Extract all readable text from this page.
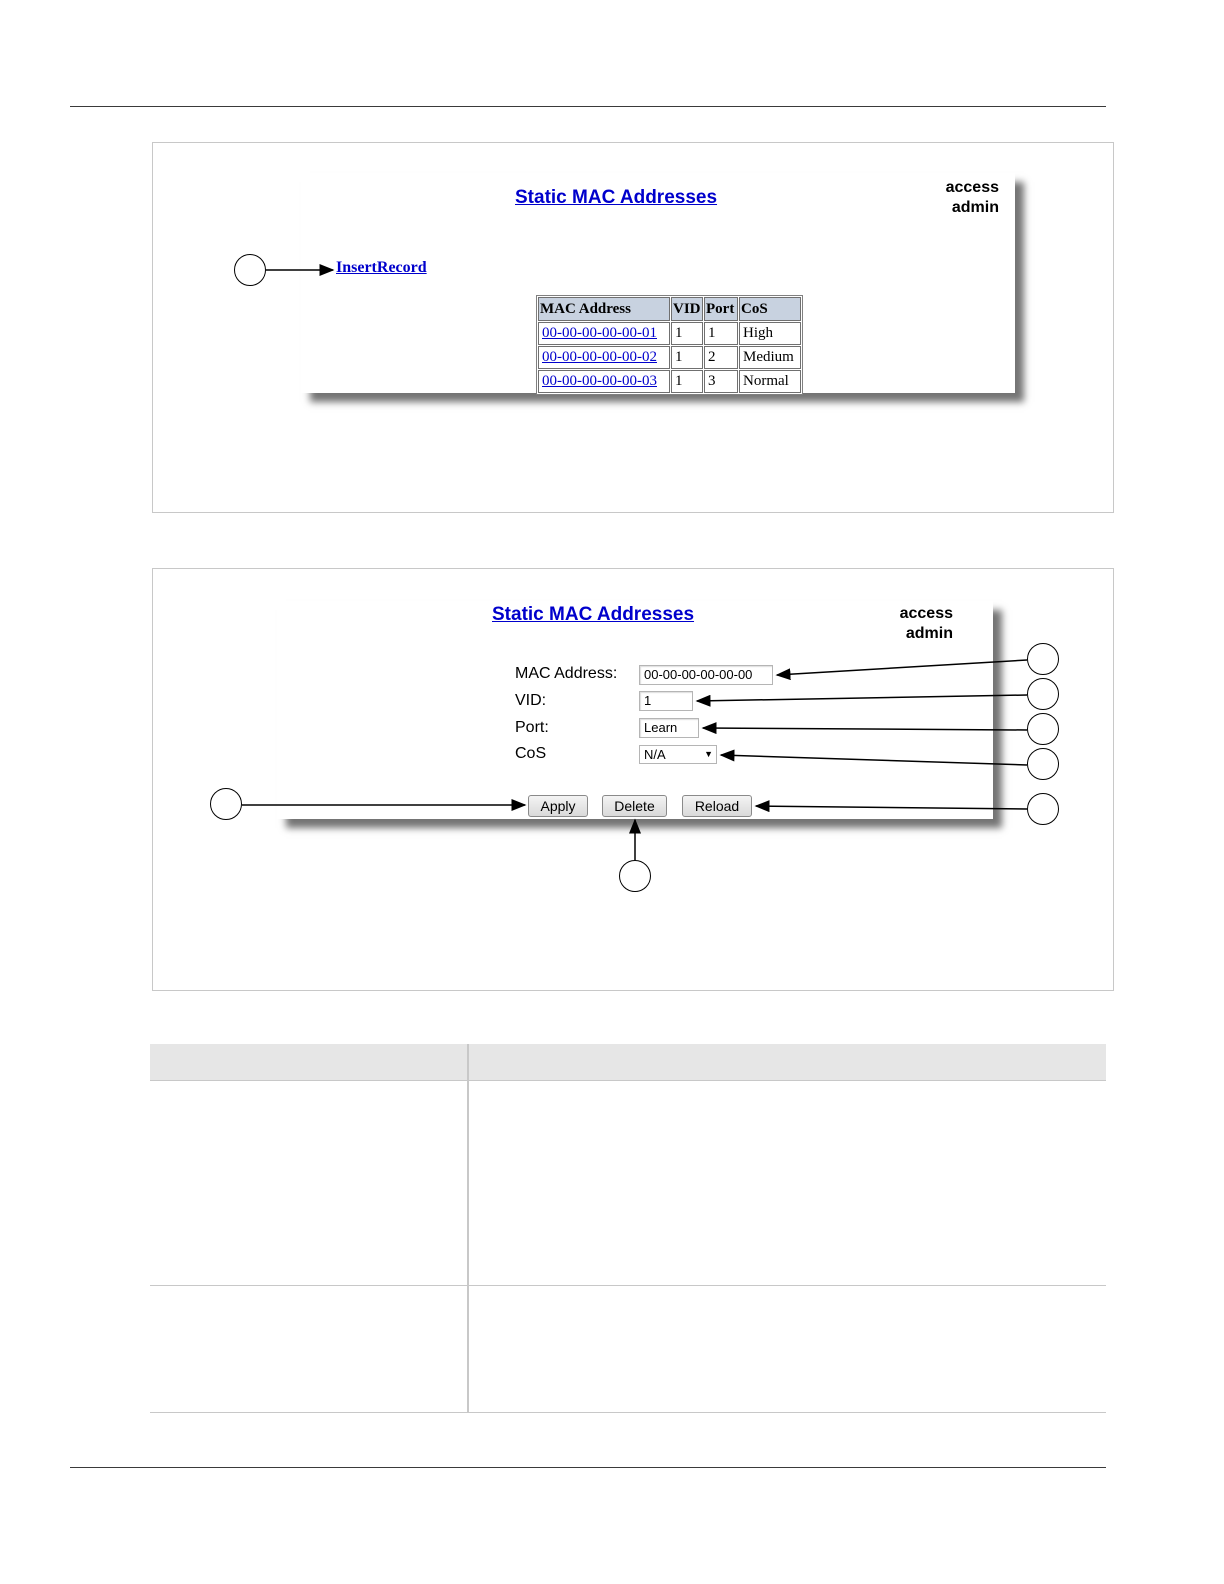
Static MAC Addresses	access
admin
InsertRecord
MAC Address	VID	Port	CoS
00-00-00-00-00-01	1	1	High
00-00-00-00-00-02	1	2	Medium
00-00-00-00-00-03	1	3	Normal
Static MAC Addresses	access
admin
MAC Address:	00-00-00-00-00-00
VID:	1
Port:	Learn
CoS	N/A	▼
Apply	Delete	Reload
